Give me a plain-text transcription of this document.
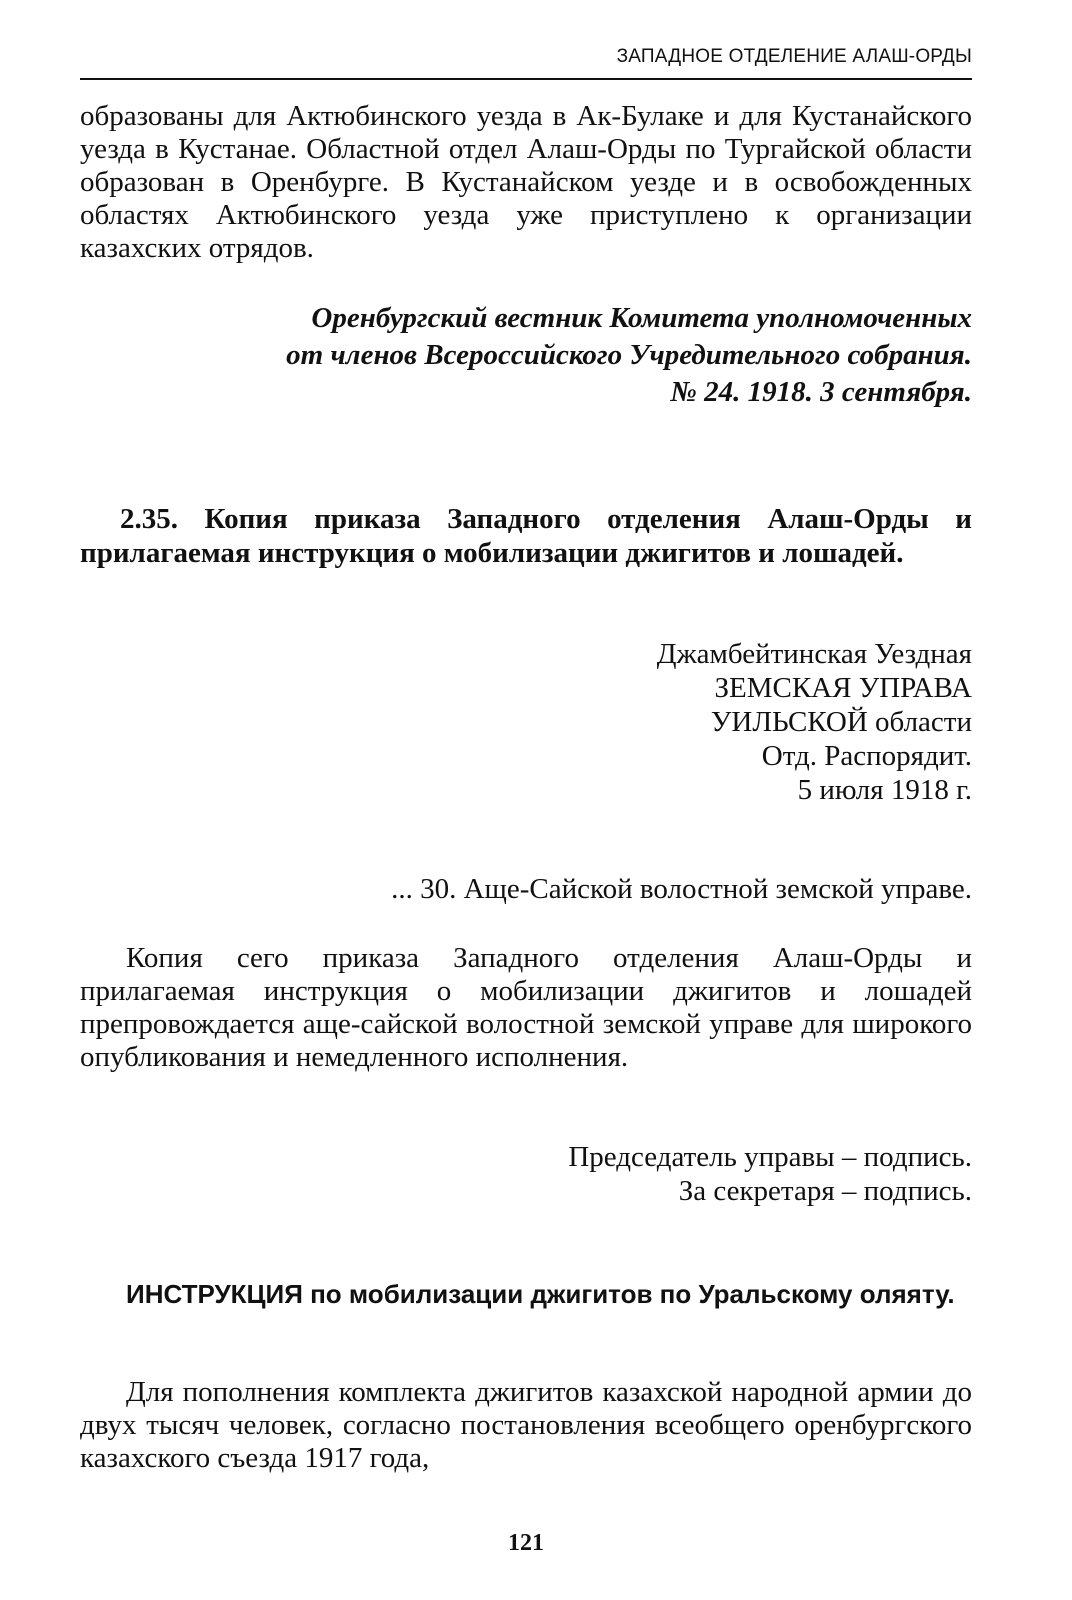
ЗАПАДНОЕ ОТДЕЛЕНИЕ АЛАШ-ОРДЫ

образованы для Актюбинского уезда в Ак-Булаке и для Кустанайского уезда в Кустанае. Областной отдел Алаш-Орды по Тургайской области образован в Оренбурге. В Кустанайском уезде и в освобожденных областях Актюбинского уезда уже приступлено к организации казахских отрядов.

Оренбургский вестник Комитета уполномоченных
от членов Всероссийского Учредительного собрания.
№ 24. 1918. 3 сентября.

2.35. Копия приказа Западного отделения Алаш-Орды и прилагаемая инструкция о мобилизации джигитов и лошадей.

Джамбейтинская Уездная
ЗЕМСКАЯ УПРАВА
УИЛЬСКОЙ области
Отд. Распорядит.
5 июля 1918 г.
... 30. Аще-Сайской волостной земской управе.

Копия сего приказа Западного отделения Алаш-Орды и прилагаемая инструкция о мобилизации джигитов и лошадей препровождается аще-сайской волостной земской управе для широкого опубликования и немедленного исполнения.

Председатель управы – подпись.
За секретаря – подпись.

ИНСТРУКЦИЯ по мобилизации джигитов по Уральскому оляяту.

Для пополнения комплекта джигитов казахской народной армии до двух тысяч человек, согласно постановления всеобщего оренбургского казахского съезда 1917 года,

121
